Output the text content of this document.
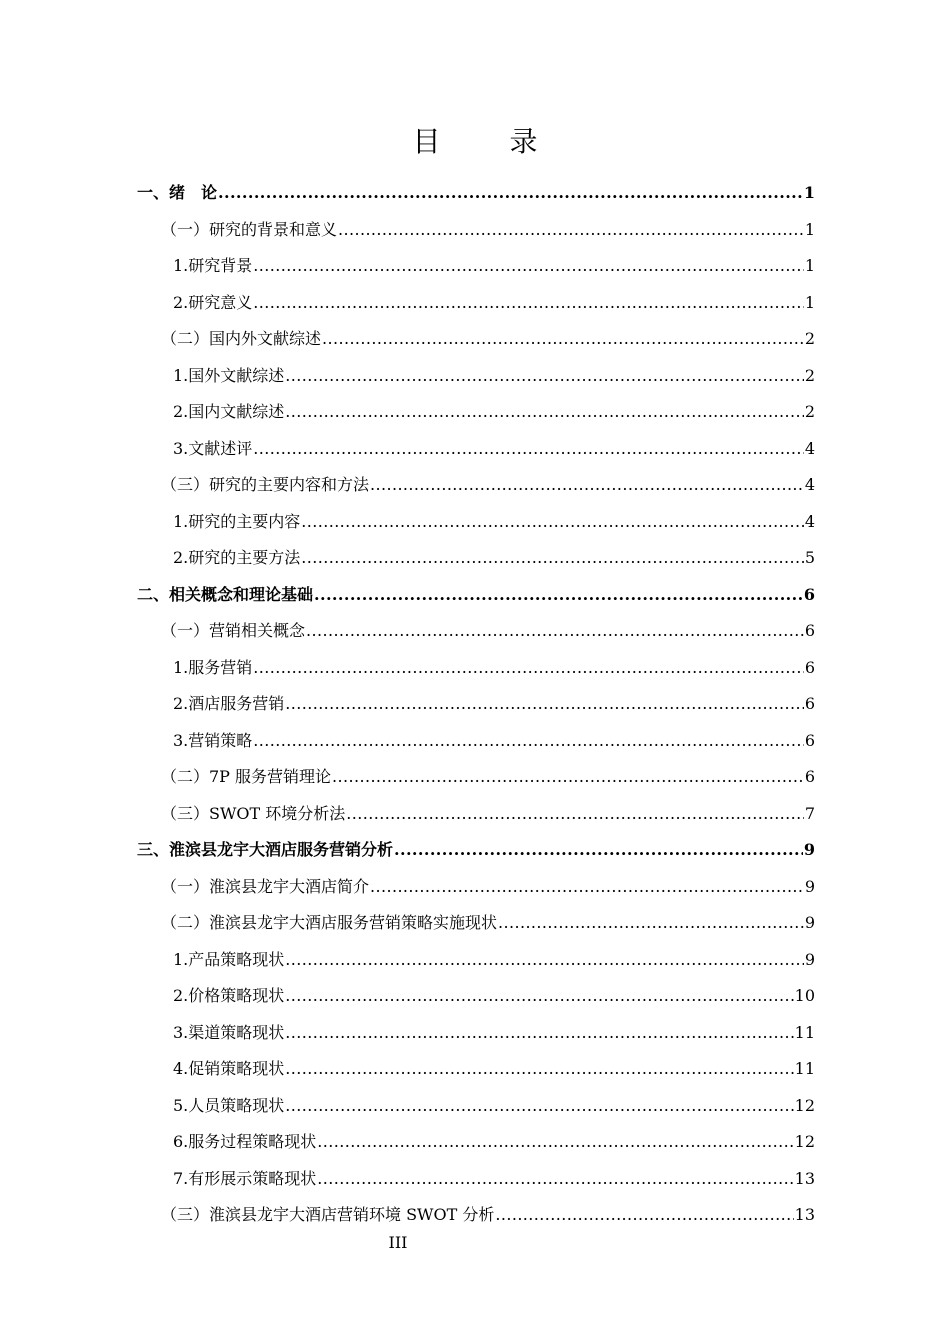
目 录
一、绪　论 .....	1
（一）研究的背景和意义 .....	1
1.研究背景 .....	1
2.研究意义 .....	1
（二）国内外文献综述 .....	2
1.国外文献综述 .....	2
2.国内文献综述 .....	2
3.文献述评 .....	4
（三）研究的主要内容和方法 .....	4
1.研究的主要内容 .....	4
2.研究的主要方法 .....	5
二、相关概念和理论基础 .....	6
（一）营销相关概念 .....	6
1.服务营销 .....	6
2.酒店服务营销 .....	6
3.营销策略 .....	6
（二）7P 服务营销理论 .....	6
（三）SWOT 环境分析法 .....	7
三、淮滨县龙宇大酒店服务营销分析 .....	9
（一）淮滨县龙宇大酒店简介 .....	9
（二）淮滨县龙宇大酒店服务营销策略实施现状 .....	9
1.产品策略现状 .....	9
2.价格策略现状 .....	10
3.渠道策略现状 .....	11
4.促销策略现状 .....	11
5.人员策略现状 .....	12
6.服务过程策略现状 .....	12
7.有形展示策略现状 .....	13
（三）淮滨县龙宇大酒店营销环境 SWOT 分析 .....	13
III
